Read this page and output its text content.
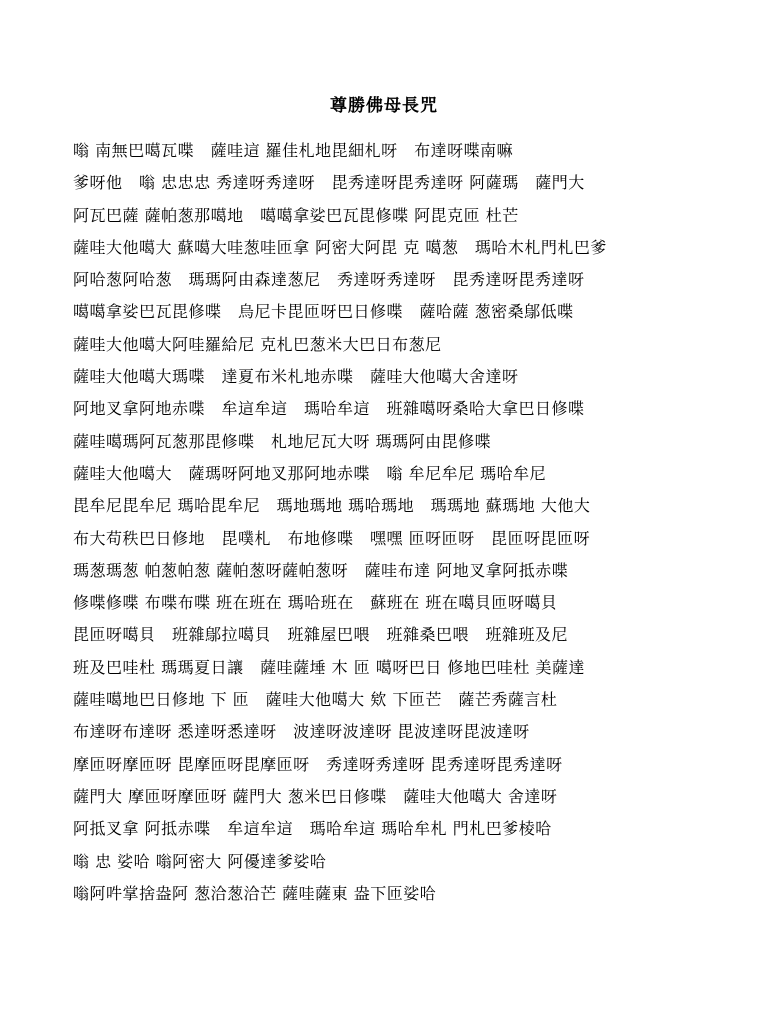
尊勝佛母長咒
嗡 南無巴噶瓦喋　薩哇這 羅佳札地毘細札呀　布達呀喋南嘛
爹呀他　嗡 忠忠忠 秀達呀秀達呀　毘秀達呀毘秀達呀 阿薩瑪　薩門大
阿瓦巴薩 薩帕葱那噶地　噶噶拿娑巴瓦毘修喋 阿毘克匝 杜芒
薩哇大他噶大 蘇噶大哇葱哇匝拿 阿密大阿毘 克 噶葱　瑪哈木札門札巴爹
阿哈葱阿哈葱　瑪瑪阿由森達葱尼　秀達呀秀達呀　毘秀達呀毘秀達呀
噶噶拿娑巴瓦毘修喋　烏尼卡毘匝呀巴日修喋　薩哈薩 葱密桑鄔低喋
薩哇大他噶大阿哇羅給尼 克札巴葱米大巴日布葱尼
薩哇大他噶大瑪喋　達夏布米札地赤喋　薩哇大他噶大舍達呀
阿地叉拿阿地赤喋　牟這牟這　瑪哈牟這　班雜噶呀桑哈大拿巴日修喋
薩哇噶瑪阿瓦葱那毘修喋　札地尼瓦大呀 瑪瑪阿由毘修喋
薩哇大他噶大　薩瑪呀阿地叉那阿地赤喋　嗡 牟尼牟尼 瑪哈牟尼
毘牟尼毘牟尼 瑪哈毘牟尼　瑪地瑪地 瑪哈瑪地　瑪瑪地 蘇瑪地 大他大
布大苟秩巴日修地　毘噗札　布地修喋　嘿嘿 匝呀匝呀　毘匝呀毘匝呀
瑪葱瑪葱 帕葱帕葱 薩帕葱呀薩帕葱呀　薩哇布達 阿地叉拿阿抵赤喋
修喋修喋 布喋布喋 班在班在 瑪哈班在　蘇班在 班在噶貝匝呀噶貝
毘匝呀噶貝　班雜鄔拉噶貝　班雜屋巴喂　班雜桑巴喂　班雜班及尼
班及巴哇杜 瑪瑪夏日讓　薩哇薩埵 木 匝 噶呀巴日 修地巴哇杜 美薩達
薩哇噶地巴日修地 下 匝　薩哇大他噶大 欸 下匝芒　薩芒秀薩言杜
布達呀布達呀 悉達呀悉達呀　波達呀波達呀 毘波達呀毘波達呀
摩匝呀摩匝呀 毘摩匝呀毘摩匝呀　秀達呀秀達呀 毘秀達呀毘秀達呀
薩門大 摩匝呀摩匝呀 薩門大 葱米巴日修喋　薩哇大他噶大 舍達呀
阿抵叉拿 阿抵赤喋　牟這牟這　瑪哈牟這 瑪哈牟札 門札巴爹棱哈
嗡 忠 娑哈 嗡阿密大 阿優達爹娑哈
嗡阿吽掌捨盎阿 葱洽葱洽芒 薩哇薩東 盎下匝娑哈
